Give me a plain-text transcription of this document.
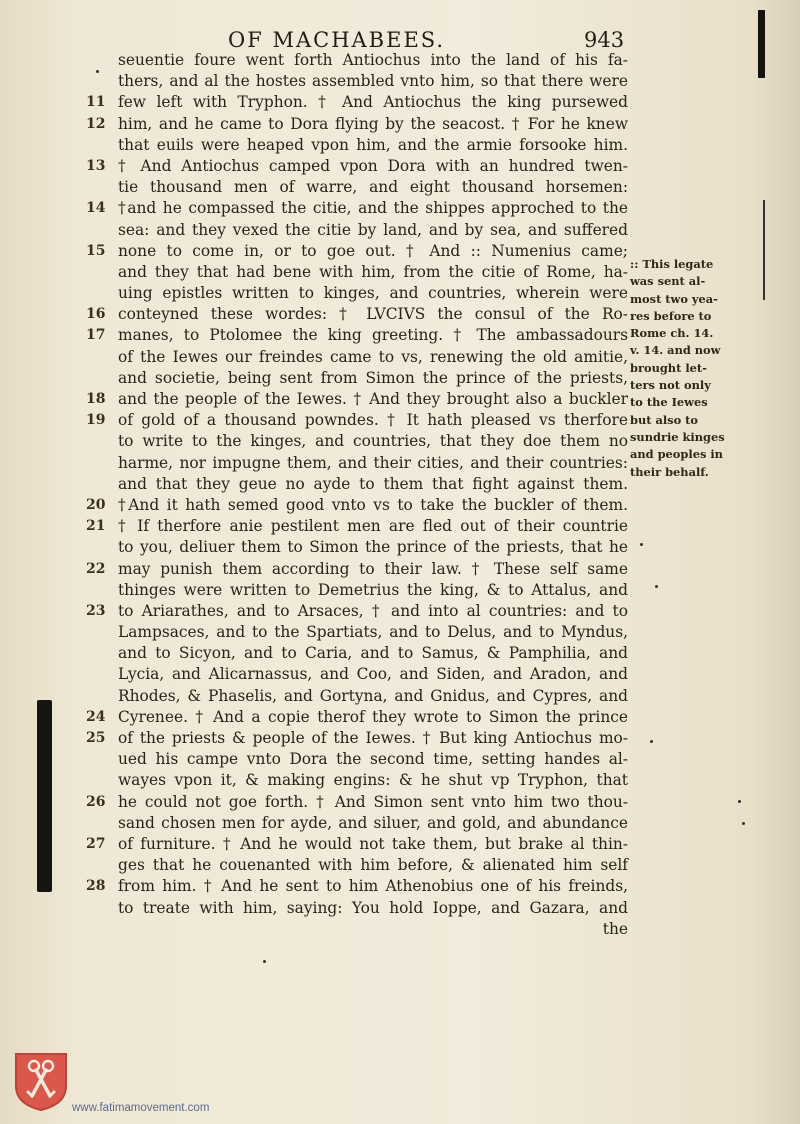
OF MACHABEES.	943
seuentie foure went forth Antiochus into the land of his fa-
thers, and al the hostes assembled vnto him, so that there were
11 few left with Tryphon. † And Antiochus the king pursewed
12 him, and he came to Dora flying by the seacost. † For he knew
that euils were heaped vpon him, and the armie forsooke him.
13 † And Antiochus camped vpon Dora with an hundred twen-
tie thousand men of warre, and eight thousand horsemen:
14 †and he compassed the citie, and the shippes approched to the
sea: and they vexed the citie by land, and by sea, and suffered
15 none to come in, or to goe out. † And :: Numenius came;
and they that had bene with him, from the citie of Rome, ha-
uing epistles written to kinges, and countries, wherein were
16 conteyned these wordes: † LVCIVS the consul of the Ro-
17 manes, to Ptolomee the king greeting. † The ambassadours
of the Iewes our freindes came to vs, renewing the old amitie,
and societie, being sent from Simon the prince of the priests,
18 and the people of the Iewes. † And they brought also a buckler
19 of gold of a thousand powndes. † It hath pleased vs therfore
to write to the kinges, and countries, that they doe them no
harme, nor impugne them, and their cities, and their countries:
and that they geue no ayde to them that fight against them.
20 †And it hath semed good vnto vs to take the buckler of them.
21 † If therfore anie pestilent men are fled out of their countrie
to you, deliuer them to Simon the prince of the priests, that he
22 may punish them according to their law. † These self same
thinges were written to Demetrius the king, & to Attalus, and
23 to Ariarathes, and to Arsaces, † and into al countries: and to
Lampsaces, and to the Spartiats, and to Delus, and to Myndus,
and to Sicyon, and to Caria, and to Samus, & Pamphilia, and
Lycia, and Alicarnassus, and Coo, and Siden, and Aradon, and
Rhodes, & Phaselis, and Gortyna, and Gnidus, and Cypres, and
24 Cyrenee. † And a copie therof they wrote to Simon the prince
25 of the priests & people of the Iewes. † But king Antiochus mo-
ued his campe vnto Dora the second time, setting handes al-
wayes vpon it, & making engins: & he shut vp Tryphon, that
26 he could not goe forth. † And Simon sent vnto him two thou-
sand chosen men for ayde, and siluer, and gold, and abundance
27 of furniture. † And he would not take them, but brake al thin-
ges that he couenanted with him before, & alienated him self
28 from him. † And he sent to him Athenobius one of his freinds,
to treate with him, saying: You hold Ioppe, and Gazara, and
the
:: This legate
was sent al-
most two yea-
res before to
Rome ch. 14.
v. 14. and now
brought let-
ters not only
to the Iewes
but also to
sundrie kinges
and peoples in
their behalf.
www.fatimamovement.com
